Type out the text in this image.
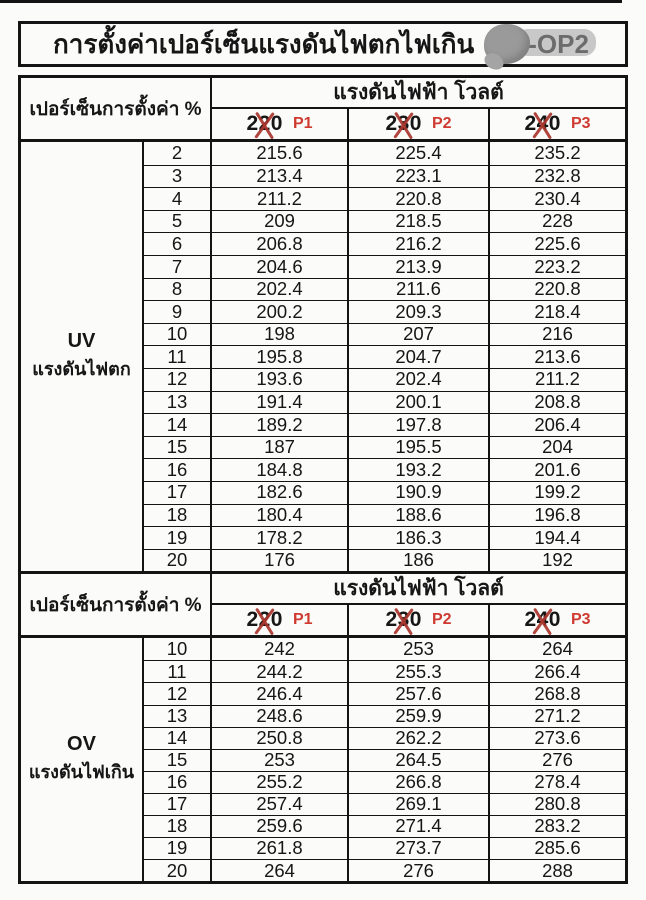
การตั้งค่าเปอร์เซ็นแรงดันไฟตกไฟเกิน
เปอร์เซ็นการตั้งค่า %
แรงดันไฟฟ้า โวลต์
220 P1	230 P2	240 P3
UV
แรงดันไฟตก
2	215.6	225.4	235.2
3	213.4	223.1	232.8
4	211.2	220.8	230.4
5	209	218.5	228
6	206.8	216.2	225.6
7	204.6	213.9	223.2
8	202.4	211.6	220.8
9	200.2	209.3	218.4
10	198	207	216
11	195.8	204.7	213.6
12	193.6	202.4	211.2
13	191.4	200.1	208.8
14	189.2	197.8	206.4
15	187	195.5	204
16	184.8	193.2	201.6
17	182.6	190.9	199.2
18	180.4	188.6	196.8
19	178.2	186.3	194.4
20	176	186	192
เปอร์เซ็นการตั้งค่า %
แรงดันไฟฟ้า โวลต์
220 P1	230 P2	240 P3
OV
แรงดันไฟเกิน
10	242	253	264
11	244.2	255.3	266.4
12	246.4	257.6	268.8
13	248.6	259.9	271.2
14	250.8	262.2	273.6
15	253	264.5	276
16	255.2	266.8	278.4
17	257.4	269.1	280.8
18	259.6	271.4	283.2
19	261.8	273.7	285.6
20	264	276	288
